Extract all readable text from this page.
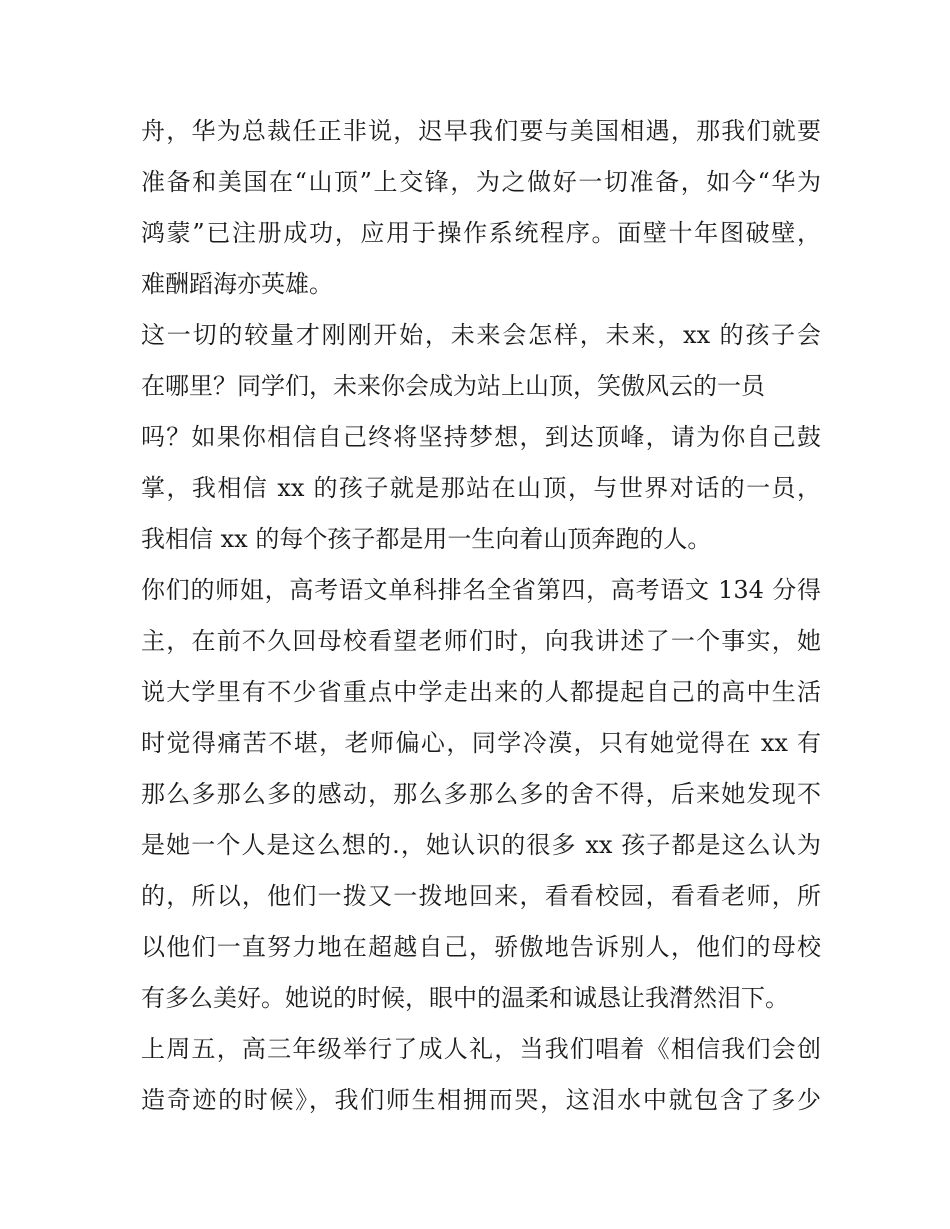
舟，华为总裁任正非说，迟早我们要与美国相遇，那我们就要
准备和美国在“山顶”上交锋，为之做好一切准备，如今“华为
鸿蒙”已注册成功，应用于操作系统程序。面壁十年图破壁，
难酬蹈海亦英雄。
这一切的较量才刚刚开始，未来会怎样，未来，xx 的孩子会
在哪里？同学们，未来你会成为站上山顶，笑傲风云的一员
吗？如果你相信自己终将坚持梦想，到达顶峰，请为你自己鼓
掌，我相信 xx 的孩子就是那站在山顶，与世界对话的一员，
我相信 xx 的每个孩子都是用一生向着山顶奔跑的人。
你们的师姐，高考语文单科排名全省第四，高考语文 134 分得
主，在前不久回母校看望老师们时，向我讲述了一个事实，她
说大学里有不少省重点中学走出来的人都提起自己的高中生活
时觉得痛苦不堪，老师偏心，同学冷漠，只有她觉得在 xx 有
那么多那么多的感动，那么多那么多的舍不得，后来她发现不
是她一个人是这么想的.，她认识的很多 xx 孩子都是这么认为
的，所以，他们一拨又一拨地回来，看看校园，看看老师，所
以他们一直努力地在超越自己，骄傲地告诉别人，他们的母校
有多么美好。她说的时候，眼中的温柔和诚恳让我潸然泪下。
上周五，高三年级举行了成人礼，当我们唱着《相信我们会创
造奇迹的时候》，我们师生相拥而哭，这泪水中就包含了多少
